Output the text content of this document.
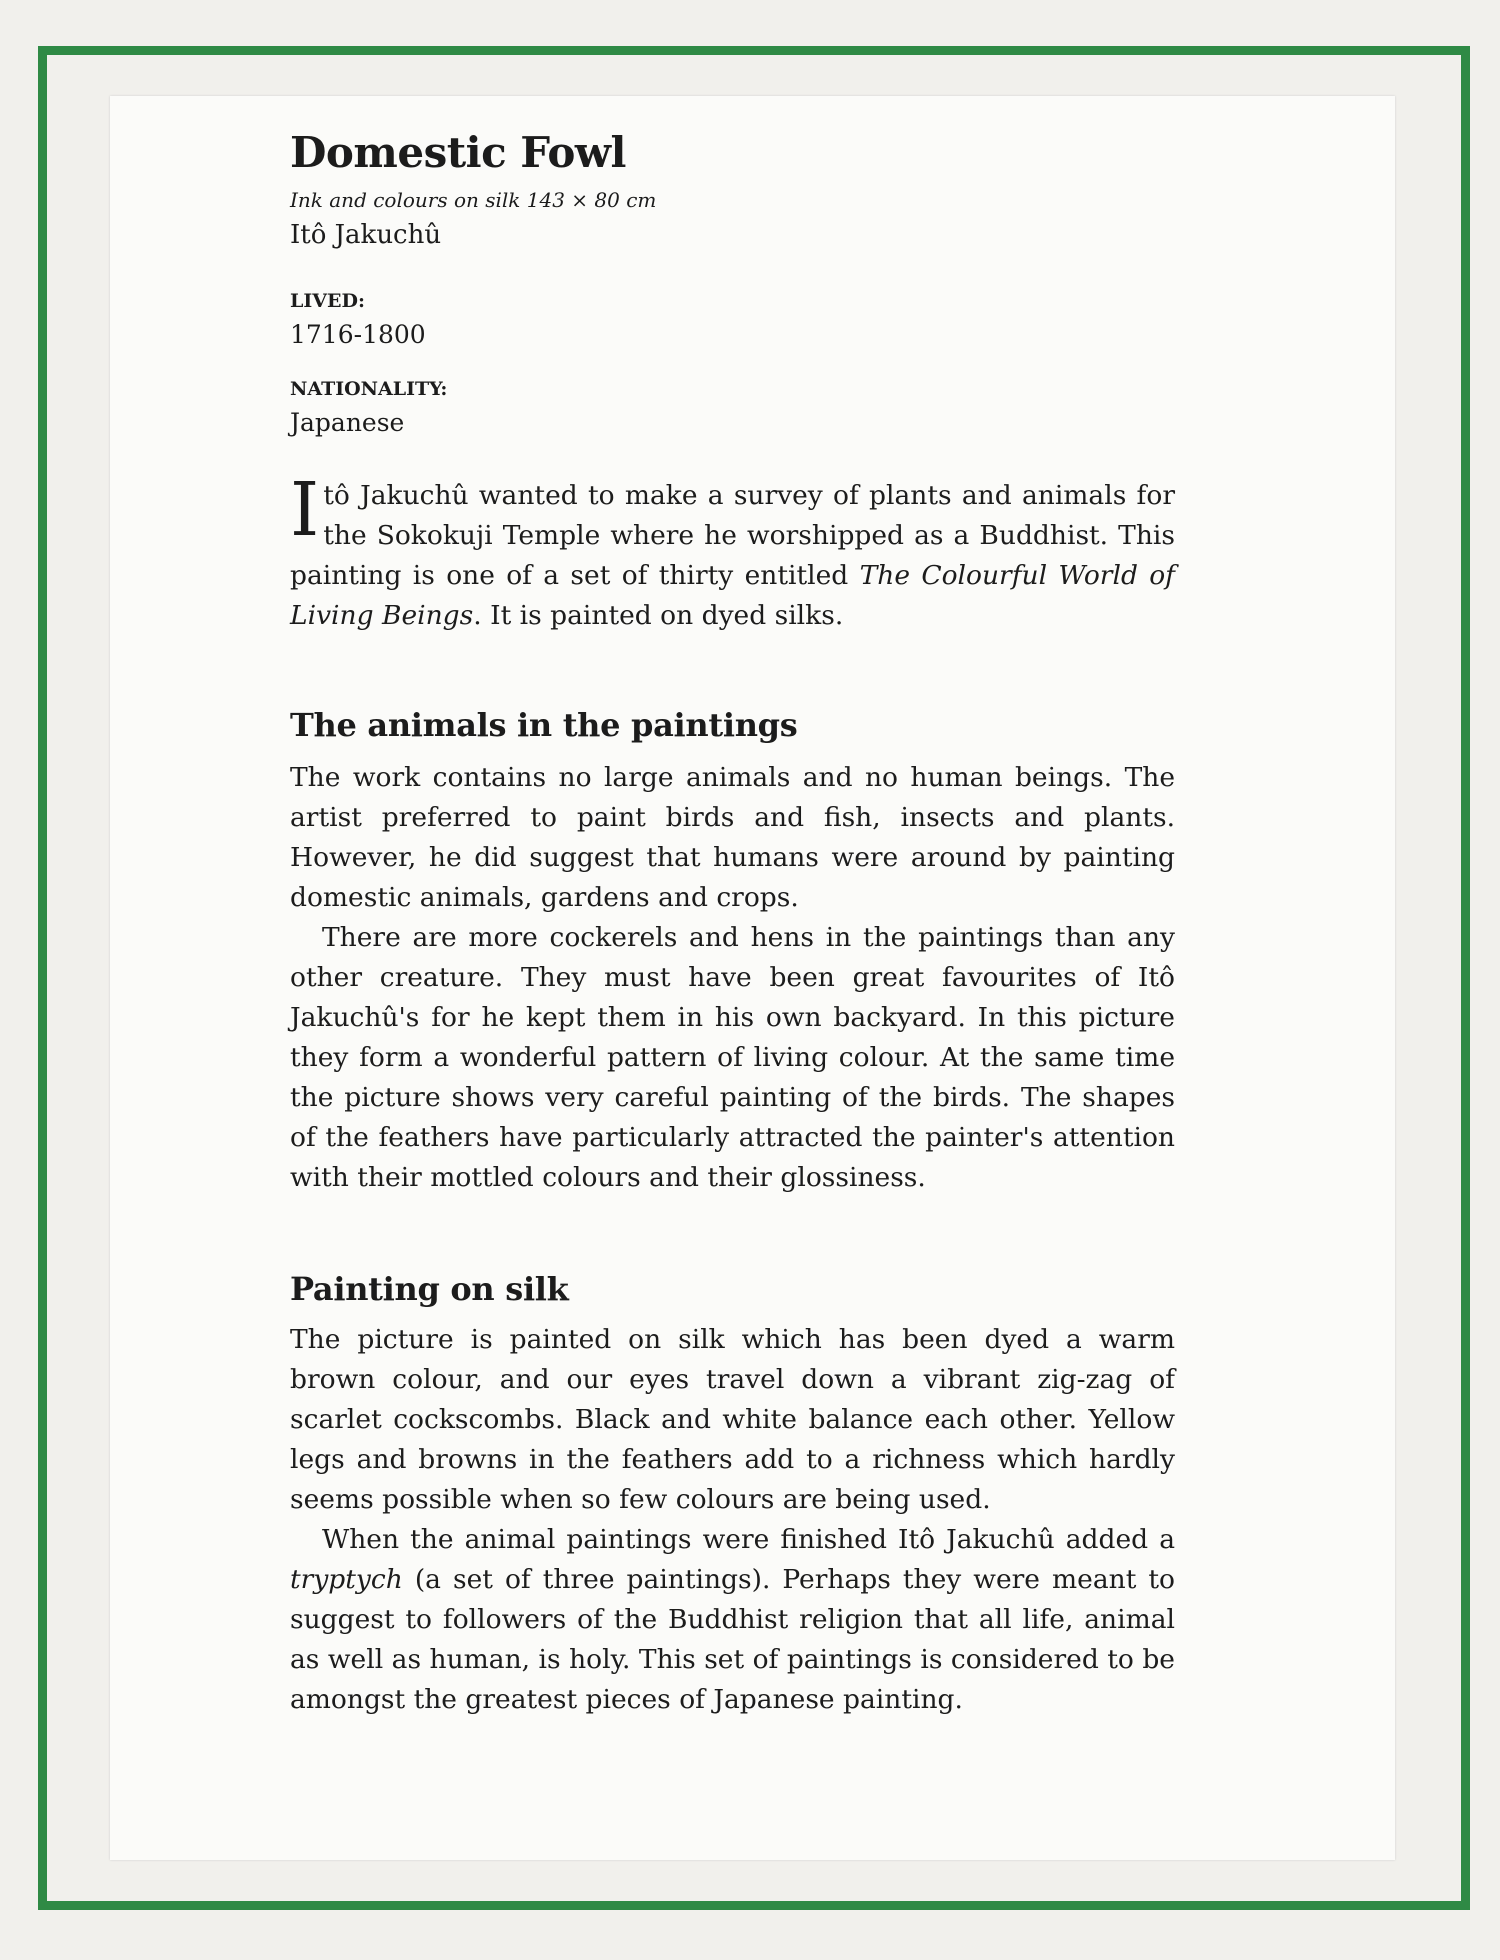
Domestic Fowl
Ink and colours on silk 143 × 80 cm
Itô Jakuchû
LIVED:
1716-1800
NATIONALITY:
Japanese
Itô Jakuchû wanted to make a survey of plants and animals for the Sokokuji Temple where he worshipped as a Buddhist. This painting is one of a set of thirty entitled The Colourful World of Living Beings. It is painted on dyed silks.
The animals in the paintings

The work contains no large animals and no human beings. The artist preferred to paint birds and fish, insects and plants. However, he did suggest that humans were around by painting domestic animals, gardens and crops.

There are more cockerels and hens in the paintings than any other creature. They must have been great favourites of Itô Jakuchû's for he kept them in his own backyard. In this picture they form a wonderful pattern of living colour. At the same time the picture shows very careful painting of the birds. The shapes of the feathers have particularly attracted the painter's attention with their mottled colours and their glossiness.

Painting on silk

The picture is painted on silk which has been dyed a warm brown colour, and our eyes travel down a vibrant zig-zag of scarlet cockscombs. Black and white balance each other. Yellow legs and browns in the feathers add to a richness which hardly seems possible when so few colours are being used.

When the animal paintings were finished Itô Jakuchû added a tryptych (a set of three paintings). Perhaps they were meant to suggest to followers of the Buddhist religion that all life, animal as well as human, is holy. This set of paintings is considered to be amongst the greatest pieces of Japanese painting.
